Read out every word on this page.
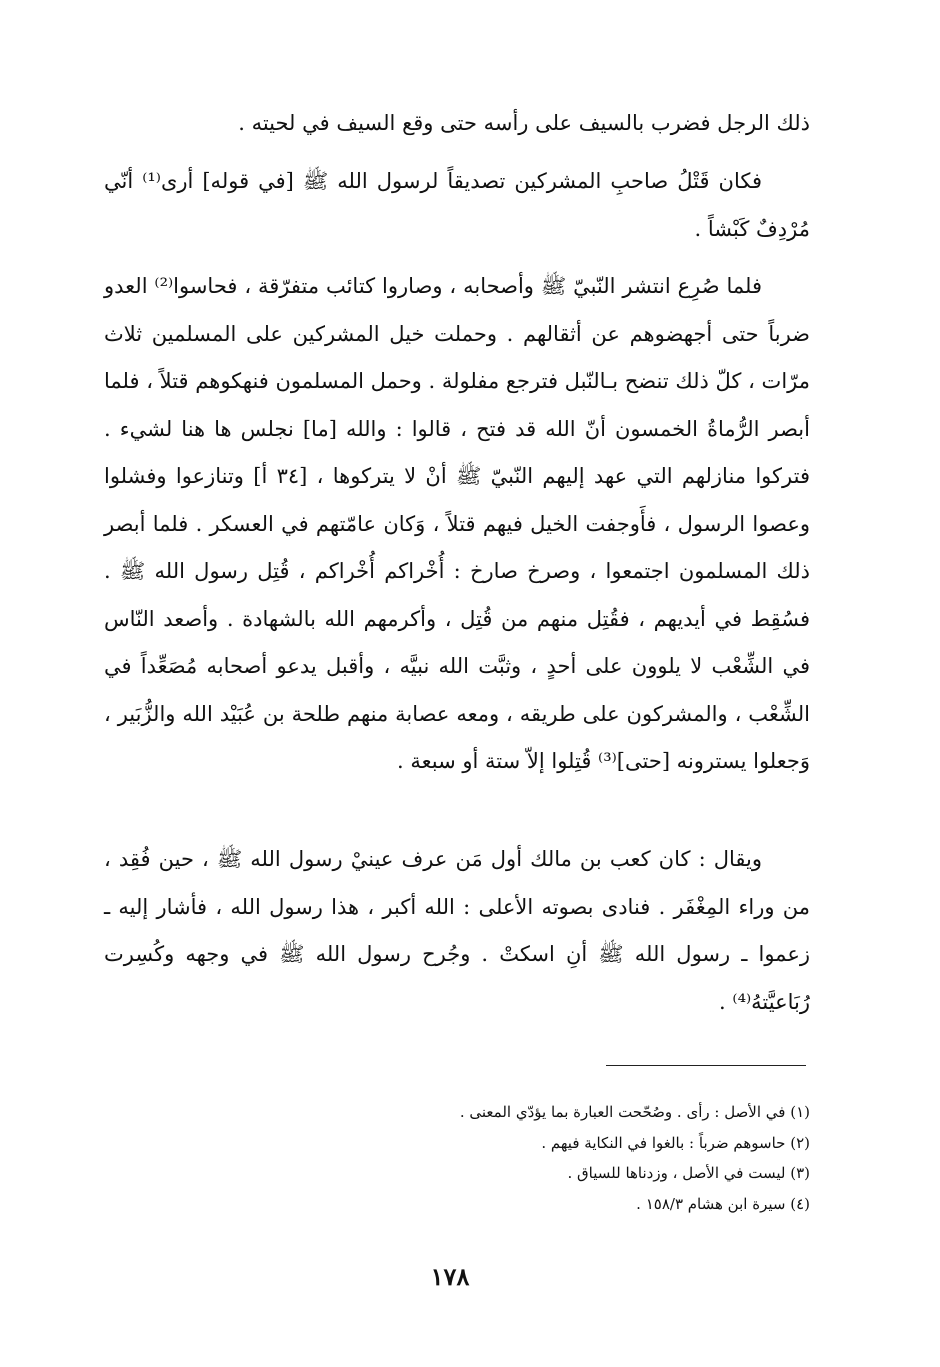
ذلك الرجل فضرب بالسيف على رأسه حتى وقع السيف في لحيته .

فكان قَتْلُ صاحبِ المشركين تصديقاً لرسول الله ﷺ [في قوله] أرى⁽¹⁾ أنّي مُرْدِفٌ كَبْشاً .

فلما صُرِع انتشر النّبيّ ﷺ وأصحابه ، وصاروا كتائب متفرّقة ، فحاسوا⁽²⁾ العدو ضرباً حتى أجهضوهم عن أثقالهم . وحملت خيل المشركين على المسلمين ثلاث مرّات ، كلّ ذلك تنضح بـالنّبل فترجع مفلولة . وحمل المسلمون فنهكوهم قتلاً ، فلما أبصر الرُّماةُ الخمسون أنّ الله قد فتح ، قالوا : والله [ما] نجلس ها هنا لشيء . فتركوا منازلهم التي عهد إليهم النّبيّ ﷺ أنْ لا يتركوها ، [٣٤ أ] وتنازعوا وفشلوا وعصوا الرسول ، فأَوجفت الخيل فيهم قتلاً ، وَكان عامّتهم في العسكر . فلما أبصر ذلك المسلمون اجتمعوا ، وصرخ صارخ : أُخْراكم أُخْراكم ، قُتِل رسول الله ﷺ . فسُقِط في أيديهم ، فقُتِل منهم من قُتِل ، وأكرمهم الله بالشهادة . وأصعد النّاس في الشِّعْب لا يلوون على أحدٍ ، وثبَّت الله نبيَّه ، وأقبل يدعو أصحابه مُصَعِّداً في الشِّعْب ، والمشركون على طريقه ، ومعه عصابة منهم طلحة بن عُبَيْد الله والزُّبَير ، وَجعلوا يسترونه [حتى]⁽³⁾ قُتِلوا إلاّ ستة أو سبعة .

ويقال : كان كعب بن مالك أول مَن عرف عينيْ رسول الله ﷺ ، حين فُقِد ، من وراء المِغْفَر . فنادى بصوته الأعلى : الله أكبر ، هذا رسول الله ، فأشار إليه ـ زعموا ـ رسول الله ﷺ أنِ اسكتْ . وجُرح رسول الله ﷺ في وجهه وكُسِرت رُبَاعيَّتهُ⁽⁴⁾ .

(١) في الأصل : رأى . وصُحّحت العبارة بما يؤدّي المعنى .
(٢) حاسوهم ضرباً : بالغوا في النكاية فيهم .
(٣) ليست في الأصل ، وزدناها للسياق .
(٤) سيرة ابن هشام ١٥٨/٣ .
١٧٨
